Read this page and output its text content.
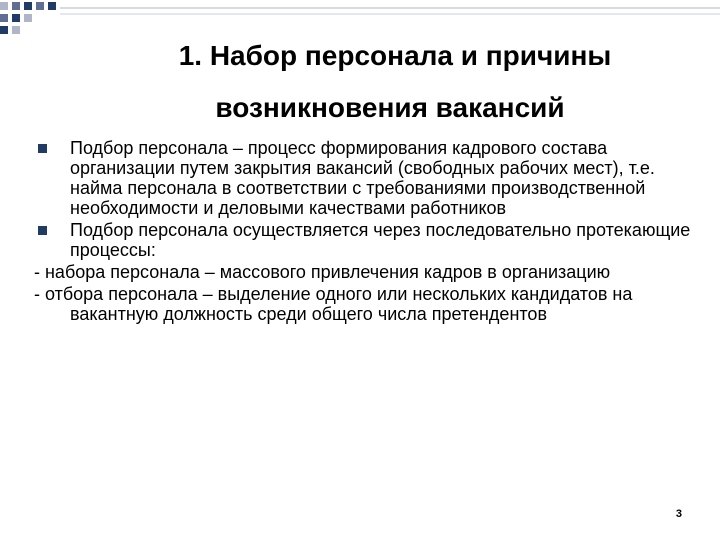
1. Набор персонала и причины
возникновения вакансий
Подбор персонала – процесс формирования кадрового состава организации путем закрытия вакансий (свободных рабочих мест), т.е. найма персонала в соответствии с требованиями производственной необходимости и деловыми качествами работников
Подбор персонала осуществляется через последовательно протекающие процессы:
- набора персонала – массового привлечения кадров в организацию
- отбора персонала – выделение одного или нескольких кандидатов на вакантную должность среди общего числа претендентов
3
